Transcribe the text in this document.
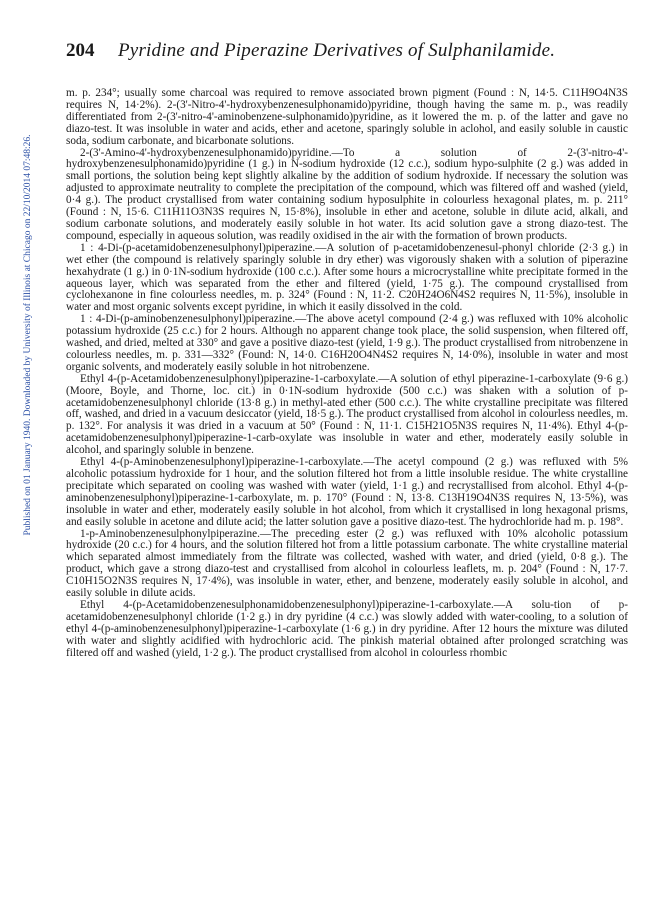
204 Pyridine and Piperazine Derivatives of Sulphanilamide.
Published on 01 January 1940. Downloaded by University of Illinois at Chicago on 22/10/2014 07:48:26.

m. p. 234°; usually some charcoal was required to remove associated brown pigment (Found : N, 14·5. C11H9O4N3S requires N, 14·2%). 2-(3'-Nitro-4'-hydroxybenzenesulphonamido)pyridine, though having the same m. p., was readily differentiated from 2-(3'-nitro-4'-aminobenzene-sulphonamido)pyridine, as it lowered the m. p. of the latter and gave no diazo-test. It was insoluble in water and acids, ether and acetone, sparingly soluble in aclohol, and easily soluble in caustic soda, sodium carbonate, and bicarbonate solutions.

2-(3'-Amino-4'-hydroxybenzenesulphonamido)pyridine.—To a solution of 2-(3'-nitro-4'-hydroxybenzenesulphonamido)pyridine (1 g.) in N-sodium hydroxide (12 c.c.), sodium hypo-sulphite (2 g.) was added in small portions, the solution being kept slightly alkaline by the addition of sodium hydroxide. If necessary the solution was adjusted to approximate neutrality to complete the precipitation of the compound, which was filtered off and washed (yield, 0·4 g.). The product crystallised from water containing sodium hyposulphite in colourless hexagonal plates, m. p. 211° (Found : N, 15·6. C11H11O3N3S requires N, 15·8%), insoluble in ether and acetone, soluble in dilute acid, alkali, and sodium carbonate solutions, and moderately easily soluble in hot water. Its acid solution gave a strong diazo-test. The compound, especially in aqueous solution, was readily oxidised in the air with the formation of brown products.

1 : 4-Di-(p-acetamidobenzenesulphonyl)piperazine.—A solution of p-acetamidobenzenesul-phonyl chloride (2·3 g.) in wet ether (the compound is relatively sparingly soluble in dry ether) was vigorously shaken with a solution of piperazine hexahydrate (1 g.) in 0·1N-sodium hydroxide (100 c.c.). After some hours a microcrystalline white precipitate formed in the aqueous layer, which was separated from the ether and filtered (yield, 1·75 g.). The compound crystallised from cyclohexanone in fine colourless needles, m. p. 324° (Found : N, 11·2. C20H24O6N4S2 requires N, 11·5%), insoluble in water and most organic solvents except pyridine, in which it easily dissolved in the cold.

1 : 4-Di-(p-aminobenzenesulphonyl)piperazine.—The above acetyl compound (2·4 g.) was refluxed with 10% alcoholic potassium hydroxide (25 c.c.) for 2 hours. Although no apparent change took place, the solid suspension, when filtered off, washed, and dried, melted at 330° and gave a positive diazo-test (yield, 1·9 g.). The product crystallised from nitrobenzene in colourless needles, m. p. 331—332° (Found: N, 14·0. C16H20O4N4S2 requires N, 14·0%), insoluble in water and most organic solvents, and moderately easily soluble in hot nitrobenzene.

Ethyl 4-(p-Acetamidobenzenesulphonyl)piperazine-1-carboxylate.—A solution of ethyl piperazine-1-carboxylate (9·6 g.) (Moore, Boyle, and Thorne, loc. cit.) in 0·1N-sodium hydroxide (500 c.c.) was shaken with a solution of p-acetamidobenzenesulphonyl chloride (13·8 g.) in methyl-ated ether (500 c.c.). The white crystalline precipitate was filtered off, washed, and dried in a vacuum desiccator (yield, 18·5 g.). The product crystallised from alcohol in colourless needles, m. p. 132°. For analysis it was dried in a vacuum at 50° (Found : N, 11·1. C15H21O5N3S requires N, 11·4%). Ethyl 4-(p-acetamidobenzenesulphonyl)piperazine-1-carb-oxylate was insoluble in water and ether, moderately easily soluble in alcohol, and sparingly soluble in benzene.

Ethyl 4-(p-Aminobenzenesulphonyl)piperazine-1-carboxylate.—The acetyl compound (2 g.) was refluxed with 5% alcoholic potassium hydroxide for 1 hour, and the solution filtered hot from a little insoluble residue. The white crystalline precipitate which separated on cooling was washed with water (yield, 1·1 g.) and recrystallised from alcohol. Ethyl 4-(p-aminobenzenesulphonyl)piperazine-1-carboxylate, m. p. 170° (Found : N, 13·8. C13H19O4N3S requires N, 13·5%), was insoluble in water and ether, moderately easily soluble in hot alcohol, from which it crystallised in long hexagonal prisms, and easily soluble in acetone and dilute acid; the latter solution gave a positive diazo-test. The hydrochloride had m. p. 198°.

1-p-Aminobenzenesulphonylpiperazine.—The preceding ester (2 g.) was refluxed with 10% alcoholic potassium hydroxide (20 c.c.) for 4 hours, and the solution filtered hot from a little potassium carbonate. The white crystalline material which separated almost immediately from the filtrate was collected, washed with water, and dried (yield, 0·8 g.). The product, which gave a strong diazo-test and crystallised from alcohol in colourless leaflets, m. p. 204° (Found : N, 17·7. C10H15O2N3S requires N, 17·4%), was insoluble in water, ether, and benzene, moderately easily soluble in alcohol, and easily soluble in dilute acids.

Ethyl 4-(p-Acetamidobenzenesulphonamidobenzenesulphonyl)piperazine-1-carboxylate.—A solu-tion of p-acetamidobenzenesulphonyl chloride (1·2 g.) in dry pyridine (4 c.c.) was slowly added with water-cooling, to a solution of ethyl 4-(p-aminobenzenesulphonyl)piperazine-1-carboxylate (1·6 g.) in dry pyridine. After 12 hours the mixture was diluted with water and slightly acidified with hydrochloric acid. The pinkish material obtained after prolonged scratching was filtered off and washed (yield, 1·2 g.). The product crystallised from alcohol in colourless rhombic
